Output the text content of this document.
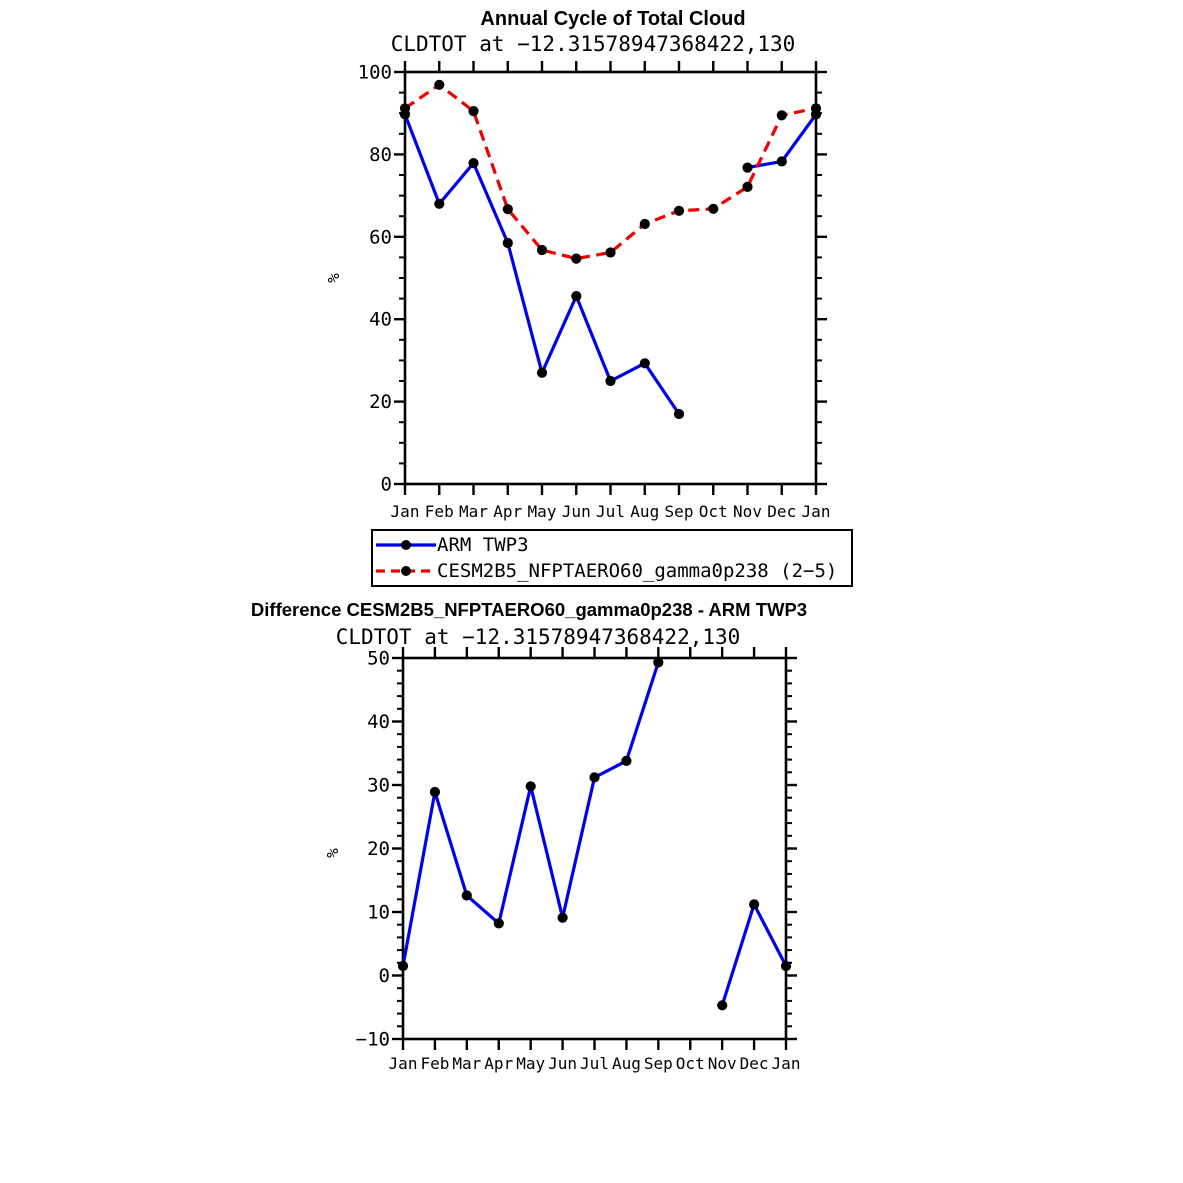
Jan Feb Mar Apr May Jun Jul Aug Sep Oct Nov Dec Jan
0
20
40
60
80
100
%
Jan Feb Mar Apr May Jun Jul Aug Sep Oct Nov Dec Jan
−10
0
10
20
30
40
50
%
Annual Cycle of Total Cloud
CLDTOT at −12.31578947368422,130
ARM TWP3
CESM2B5_NFPTAERO60_gamma0p238 (2−5)
Difference CESM2B5_NFPTAERO60_gamma0p238 - ARM TWP3
CLDTOT at −12.31578947368422,130
